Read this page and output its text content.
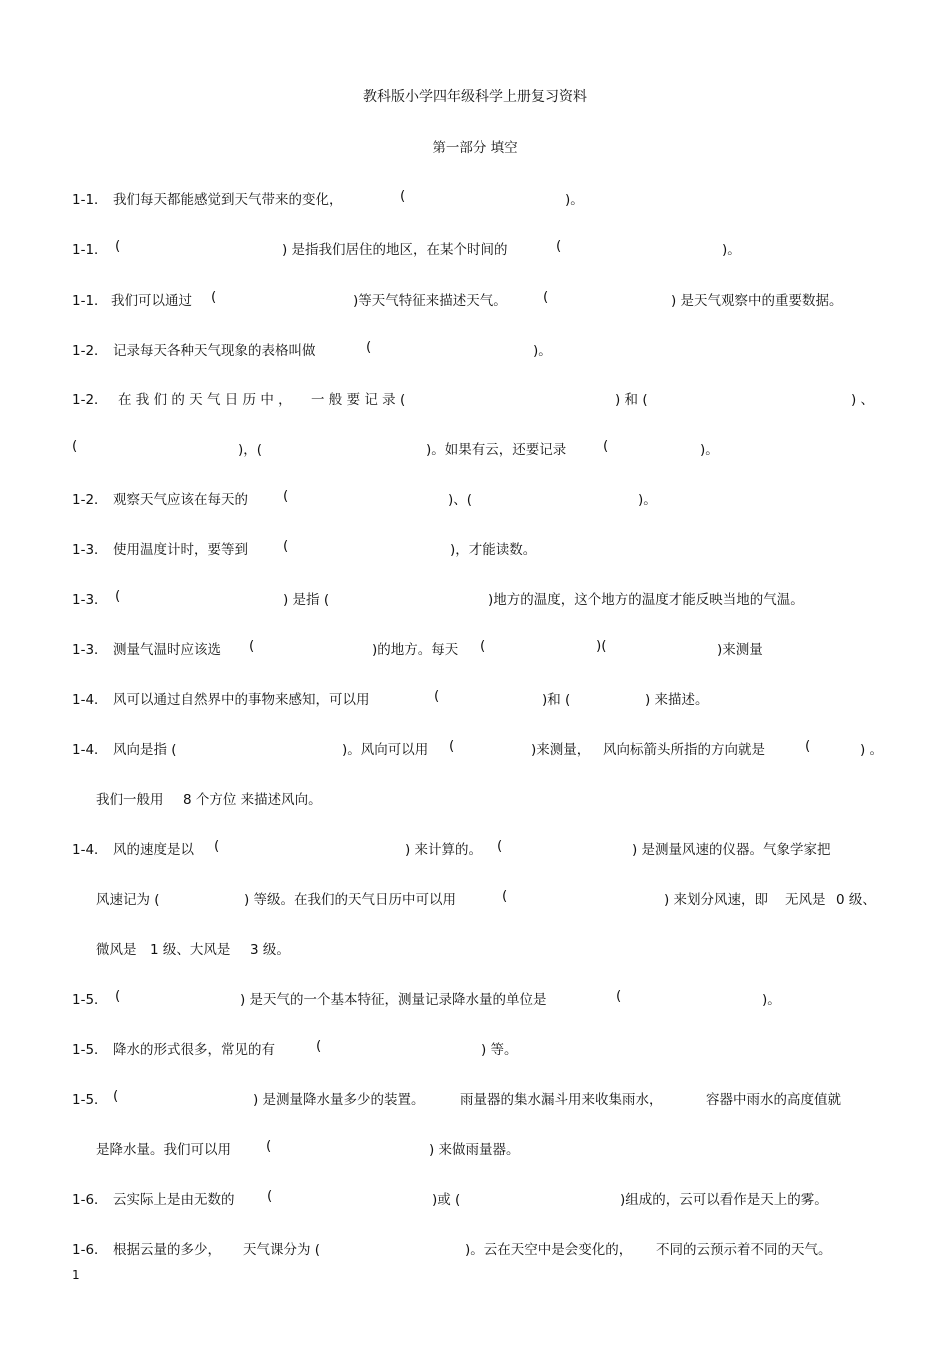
教科版小学四年级科学上册复习资料
第一部分 填空
1-1． 我们每天都能感觉到天气带来的变化，	(	)。
1-1． (	) 是指我们居住的地区，在某个时间的	(	)。
1-1． 我们可以通过 (	)等天气特征来描述天气。	(	) 是天气观察中的重要数据。
1-2． 记录每天各种天气现象的表格叫做	(	)。
1-2． 在 我 们 的 天 气 日 历 中 ， 一 般 要 记 录 (	) 和 (	) 、
(	)，(	)。如果有云，还要记录	(	)。
1-2． 观察天气应该在每天的	(	)、(	)。
1-3． 使用温度计时，要等到	(	)，才能读数。
1-3． (	) 是指 (	)地方的温度，这个地方的温度才能反映当地的气温。
1-3． 测量气温时应该选 (	)的地方。每天 (	)(	)来测量
1-4． 风可以通过自然界中的事物来感知，可以用	(	)和 (	) 来描述。
1-4． 风向是指 (	)。风向可以用 (	)来测量， 风向标箭头所指的方向就是	(	) 。
我们一般用 8 个方位 来描述风向。
1-4． 风的速度是以 (	) 来计算的。 (	) 是测量风速的仪器。气象学家把
风速记为 (	) 等级。在我们的天气日历中可以用	(	) 来划分风速，即 无风是 0 级、
微风是 1 级、大风是 3 级。
1-5． (	) 是天气的一个基本特征，测量记录降水量的单位是	(	)。
1-5． 降水的形式很多，常见的有	(	) 等。
1-5． (	) 是测量降水量多少的装置。	雨量器的集水漏斗用来收集雨水，	容器中雨水的高度值就
是降水量。我们可以用	(	) 来做雨量器。
1-6． 云实际上是由无数的 (	)或 (	)组成的，云可以看作是天上的雾。
1-6． 根据云量的多少， 天气课分为 (	)。云在天空中是会变化的， 不同的云预示着不同的天气。
1
